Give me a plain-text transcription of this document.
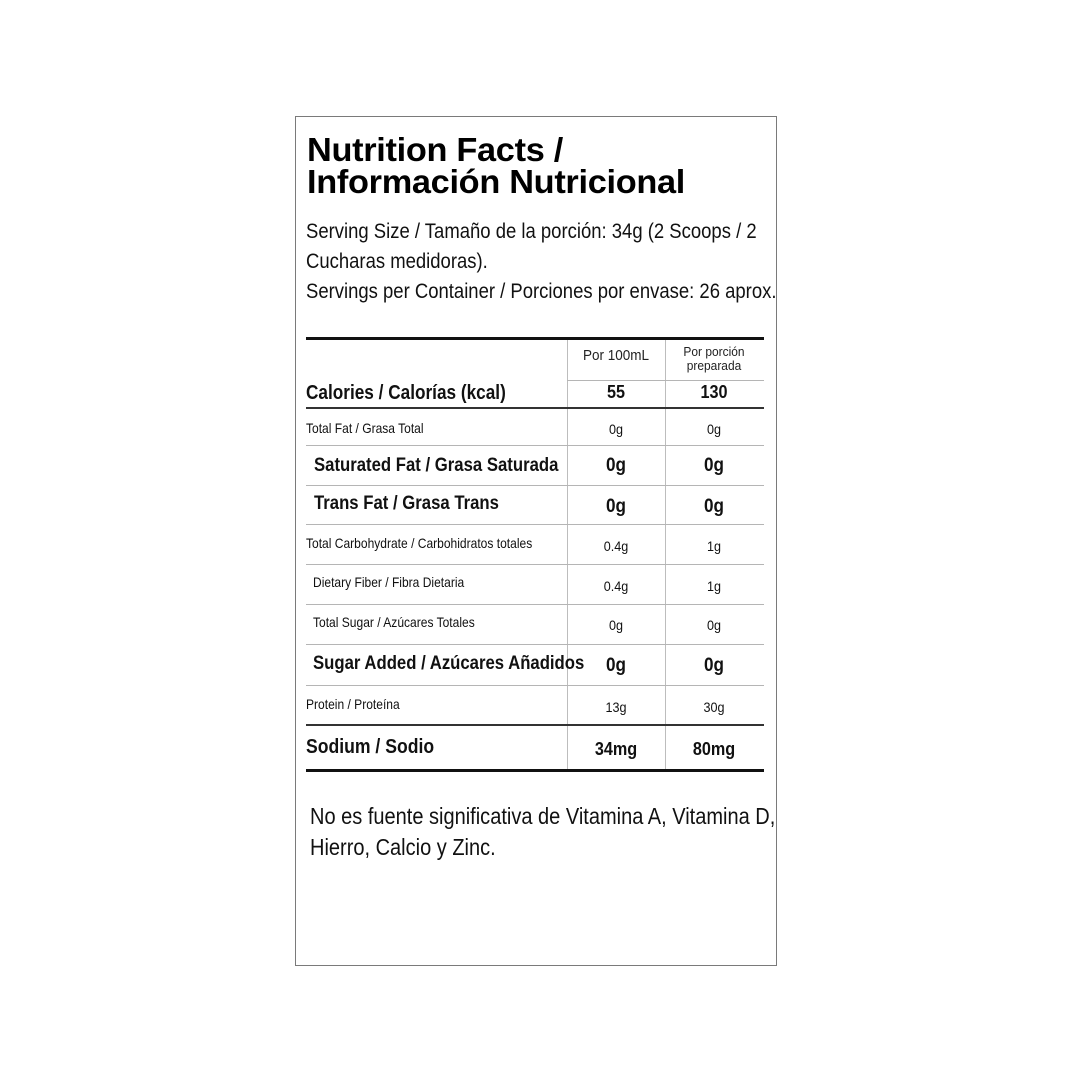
Nutrition Facts /
Información Nutricional
Serving Size / Tamaño de la porción: 34g (2 Scoops / 2
Cucharas medidoras).
Servings per Container / Porciones por envase: 26 aprox.
Por 100mL	Por porción
preparada
Calories / Calorías (kcal)	55	130
Total Fat / Grasa Total	0g	0g
Saturated Fat / Grasa Saturada	0g	0g
Trans Fat / Grasa Trans	0g	0g
Total Carbohydrate / Carbohidratos totales	0.4g	1g
Dietary Fiber / Fibra Dietaria	0.4g	1g
Total Sugar / Azúcares Totales	0g	0g
Sugar Added / Azúcares Añadidos	0g	0g
Protein / Proteína	13g	30g
Sodium / Sodio	34mg	80mg
No es fuente significativa de Vitamina A, Vitamina D,
Hierro, Calcio y Zinc.
